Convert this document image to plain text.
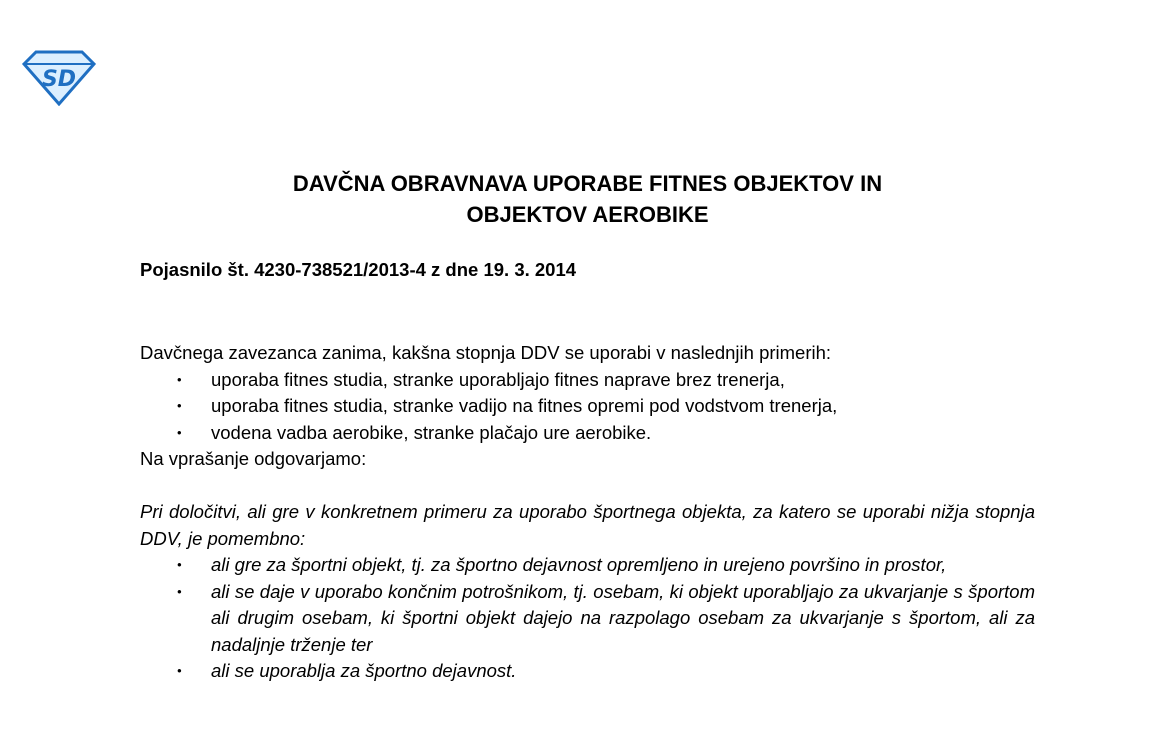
SD
DAVČNA OBRAVNAVA UPORABE FITNES OBJEKTOV IN
OBJEKTOV AEROBIKE
Pojasnilo št. 4230-738521/2013-4 z dne 19. 3. 2014
Davčnega zavezanca zanima, kakšna stopnja DDV se uporabi v naslednjih primerih:
• uporaba fitnes studia, stranke uporabljajo fitnes naprave brez trenerja,
• uporaba fitnes studia, stranke vadijo na fitnes opremi pod vodstvom trenerja,
• vodena vadba aerobike, stranke plačajo ure aerobike.
Na vprašanje odgovarjamo:
Pri določitvi, ali gre v konkretnem primeru za uporabo športnega objekta, za katero se uporabi nižja stopnja DDV, je pomembno:
• ali gre za športni objekt, tj. za športno dejavnost opremljeno in urejeno površino in prostor,
• ali se daje v uporabo končnim potrošnikom, tj. osebam, ki objekt uporabljajo za ukvarjanje s športom ali drugim osebam, ki športni objekt dajejo na razpolago osebam za ukvarjanje s športom, ali za nadaljnje trženje ter
• ali se uporablja za športno dejavnost.
